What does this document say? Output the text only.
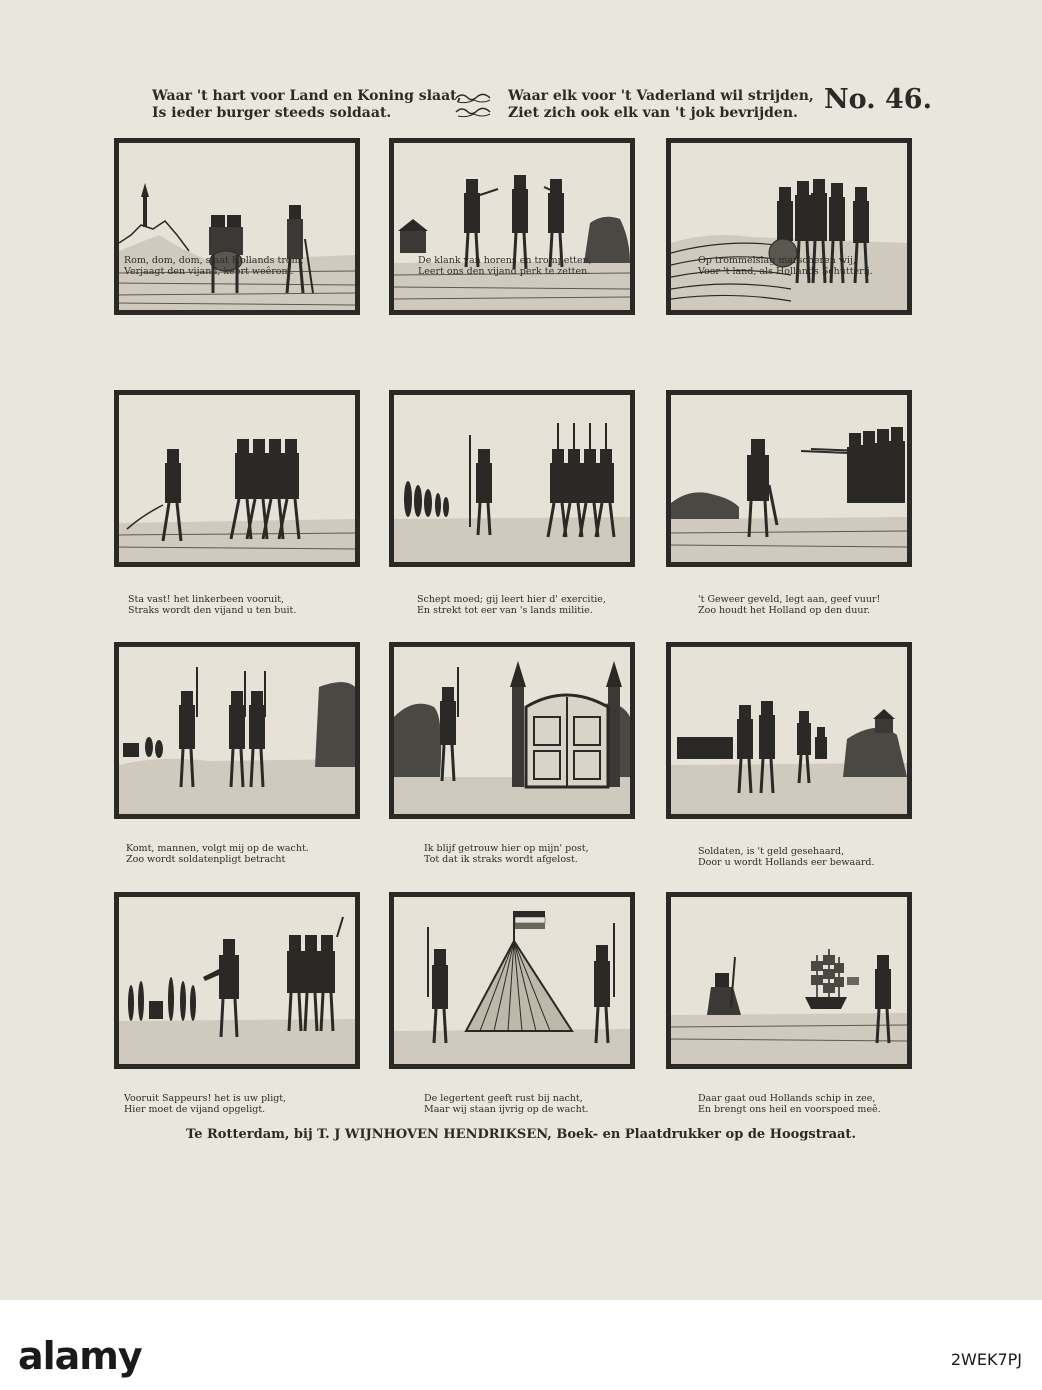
Waar 't hart voor Land en Koning slaat,
Is ieder burger steeds soldaat.
Waar elk voor 't Vaderland wil strijden,
Ziet zich ook elk van 't jok bevrijden. No. 46.
Rom, dom, dom, slaat Hollands trom,
Verjaagt den vijand, keert weêrom.
De klank van horens en trompetten,
Leert ons den vijand perk te zetten.
Op trommelslag marscheren wij,
Voor 't land, als Hollands Schutterij.
Sta vast! het linkerbeen vooruit,
Straks wordt den vijand u ten buit.
Schept moed; gij leert hier d' exercitie,
En strekt tot eer van 's lands militie.
't Geweer geveld, legt aan, geef vuur!
Zoo houdt het Holland op den duur.
Komt, mannen, volgt mij op de wacht.
Zoo wordt soldatenpligt betracht
Ik blijf getrouw hier op mijn' post,
Tot dat ik straks wordt afgelost.
Soldaten, is 't geld gesehaard,
Door u wordt Hollands eer bewaard.
Vooruit Sappeurs! het is uw pligt,
Hier moet de vijand opgeligt.
De legertent geeft rust bij nacht,
Maar wij staan ijvrig op de wacht.
Daar gaat oud Hollands schip in zee,
En brengt ons heil en voorspoed meê.
Te Rotterdam, bij T. J WIJNHOVEN HENDRIKSEN, Boek- en Plaatdrukker op de Hoogstraat.
alamy	2WEK7PJ
